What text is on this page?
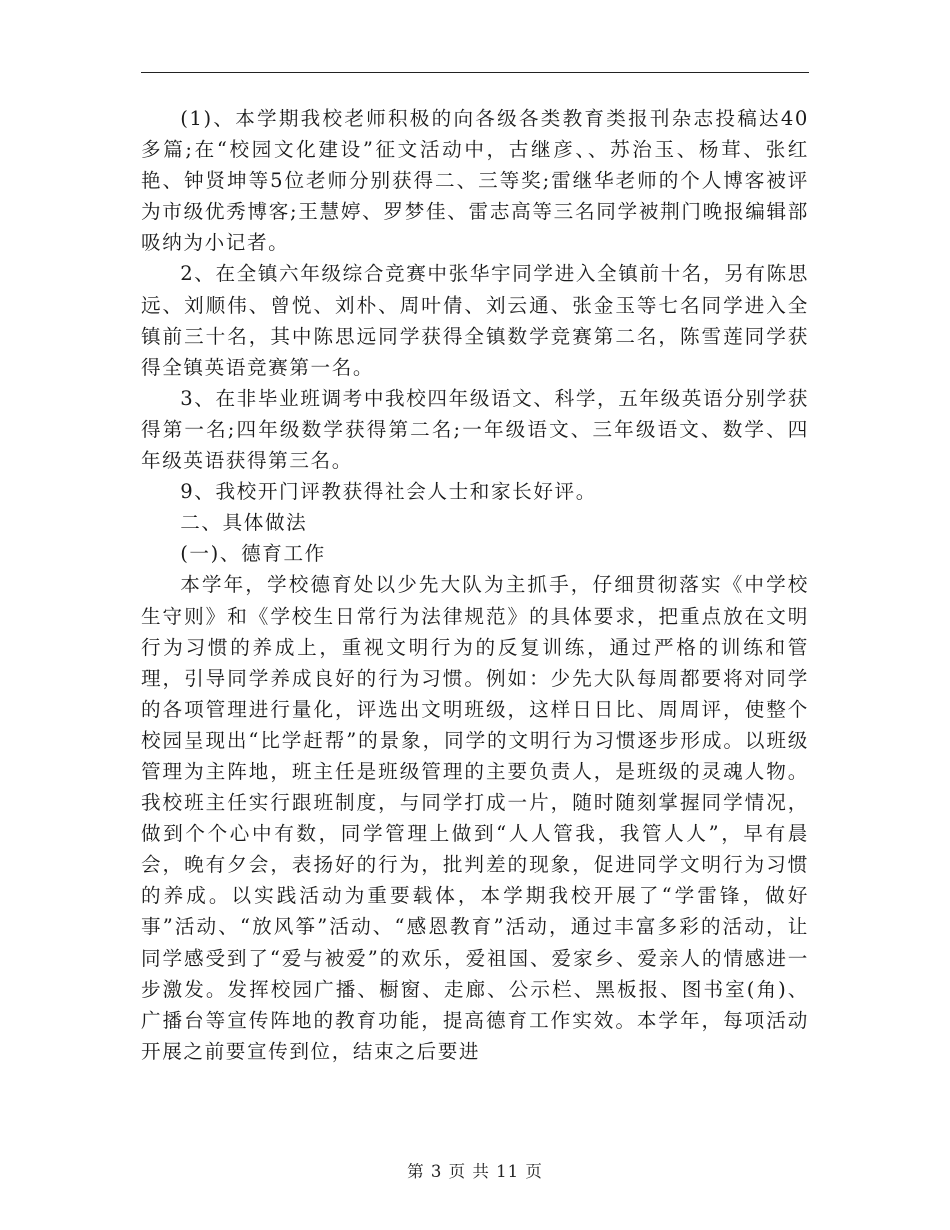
(1)、本学期我校老师积极的向各级各类教育类报刊杂志投稿达40多篇;在“校园文化建设”征文活动中，古继彦、、苏治玉、杨茸、张红艳、钟贤坤等5位老师分别获得二、三等奖;雷继华老师的个人博客被评为市级优秀博客;王慧婷、罗梦佳、雷志高等三名同学被荆门晚报编辑部吸纳为小记者。

2、在全镇六年级综合竞赛中张华宇同学进入全镇前十名，另有陈思远、刘顺伟、曾悦、刘朴、周叶倩、刘云通、张金玉等七名同学进入全镇前三十名，其中陈思远同学获得全镇数学竞赛第二名，陈雪莲同学获得全镇英语竞赛第一名。

3、在非毕业班调考中我校四年级语文、科学，五年级英语分别学获得第一名;四年级数学获得第二名;一年级语文、三年级语文、数学、四年级英语获得第三名。

9、我校开门评教获得社会人士和家长好评。

二、具体做法

(一)、德育工作

本学年，学校德育处以少先大队为主抓手，仔细贯彻落实《中学校生守则》和《学校生日常行为法律规范》的具体要求，把重点放在文明行为习惯的养成上，重视文明行为的反复训练，通过严格的训练和管理，引导同学养成良好的行为习惯。例如：少先大队每周都要将对同学的各项管理进行量化，评选出文明班级，这样日日比、周周评，使整个校园呈现出“比学赶帮”的景象，同学的文明行为习惯逐步形成。以班级管理为主阵地，班主任是班级管理的主要负责人，是班级的灵魂人物。我校班主任实行跟班制度，与同学打成一片，随时随刻掌握同学情况，做到个个心中有数，同学管理上做到“人人管我，我管人人”，早有晨会，晚有夕会，表扬好的行为，批判差的现象，促进同学文明行为习惯的养成。以实践活动为重要载体，本学期我校开展了“学雷锋，做好事”活动、“放风筝”活动、“感恩教育”活动，通过丰富多彩的活动，让同学感受到了“爱与被爱”的欢乐，爱祖国、爱家乡、爱亲人的情感进一步激发。发挥校园广播、橱窗、走廊、公示栏、黑板报、图书室(角)、广播台等宣传阵地的教育功能，提高德育工作实效。本学年，每项活动开展之前要宣传到位，结束之后要进

第 3 页 共 11 页
